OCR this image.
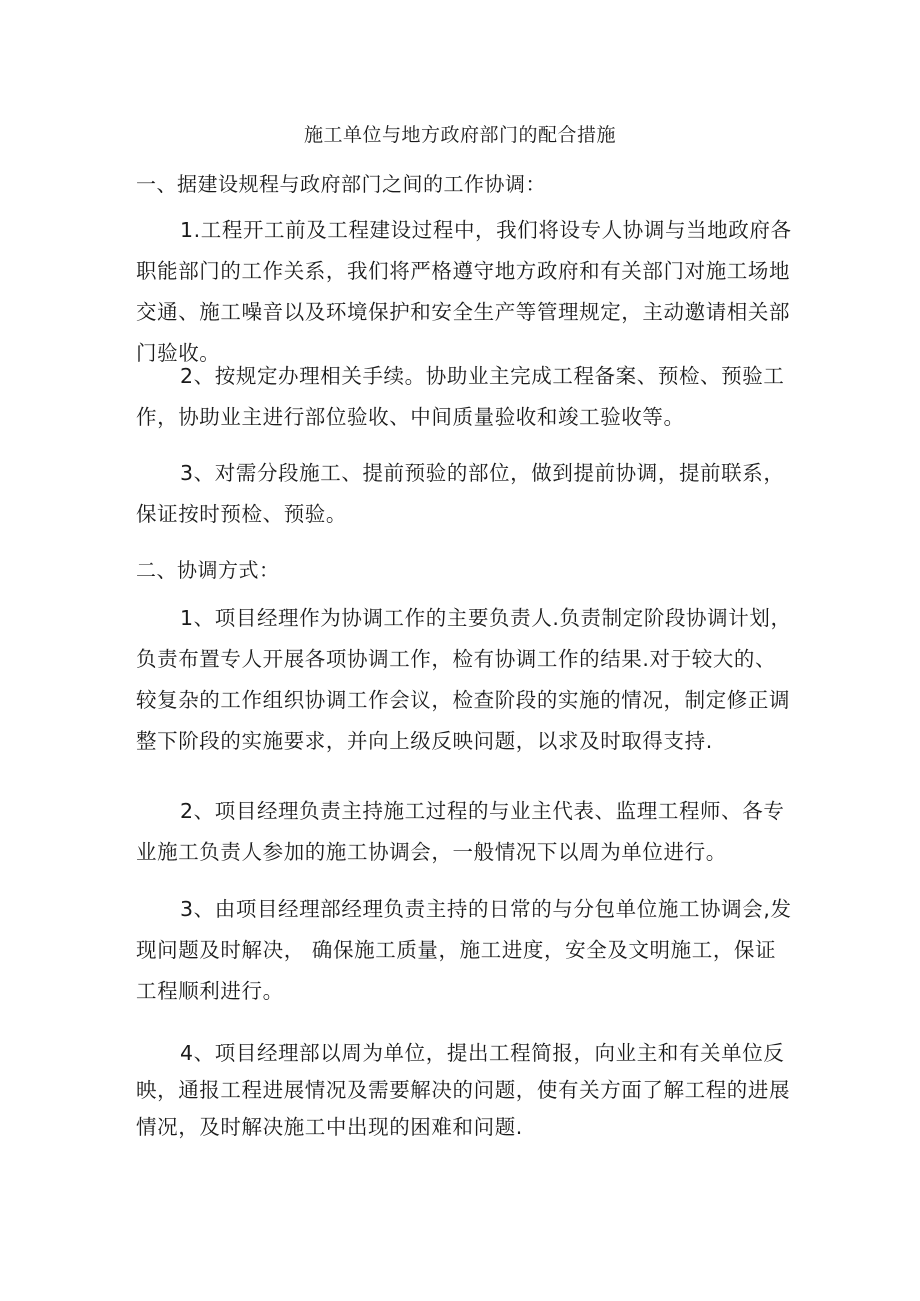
施工单位与地方政府部门的配合措施
一、据建设规程与政府部门之间的工作协调：
1.工程开工前及工程建设过程中，我们将设专人协调与当地政府各职能部门的工作关系，我们将严格遵守地方政府和有关部门对施工场地交通、施工噪音以及环境保护和安全生产等管理规定，主动邀请相关部门验收。
2、按规定办理相关手续。协助业主完成工程备案、预检、预验工作，协助业主进行部位验收、中间质量验收和竣工验收等。
3、对需分段施工、提前预验的部位，做到提前协调，提前联系，保证按时预检、预验。
二、协调方式：
1、项目经理作为协调工作的主要负责人.负责制定阶段协调计划，负责布置专人开展各项协调工作，检有协调工作的结果.对于较大的、较复杂的工作组织协调工作会议，检查阶段的实施的情况，制定修正调整下阶段的实施要求，并向上级反映问题，以求及时取得支持.
2、项目经理负责主持施工过程的与业主代表、监理工程师、各专业施工负责人参加的施工协调会，一般情况下以周为单位进行。
3、由项目经理部经理负责主持的日常的与分包单位施工协调会,发现问题及时解决， 确保施工质量，施工进度，安全及文明施工，保证工程顺利进行。
4、项目经理部以周为单位，提出工程简报，向业主和有关单位反映，通报工程进展情况及需要解决的问题，使有关方面了解工程的进展情况，及时解决施工中出现的困难和问题.
